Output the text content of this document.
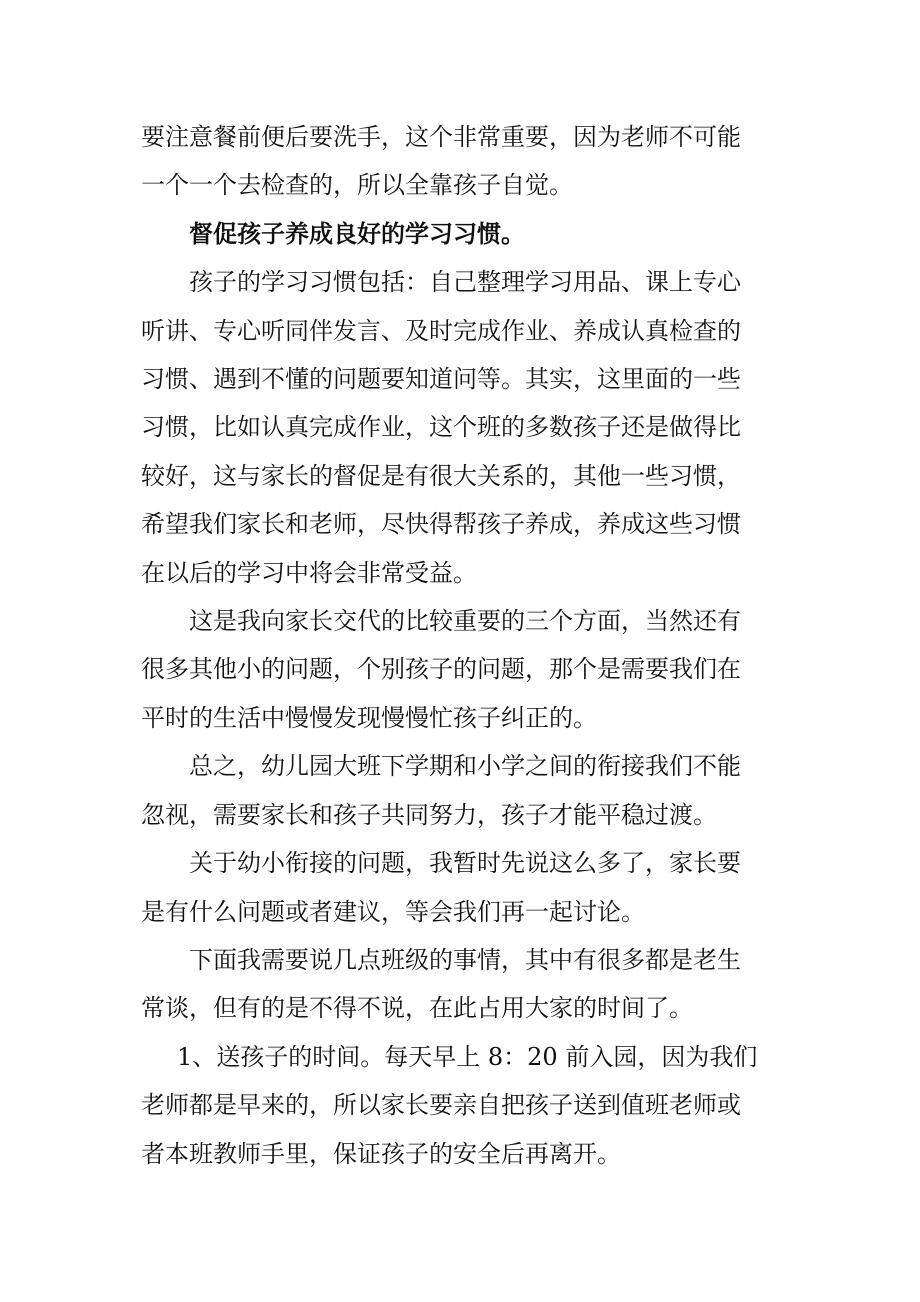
要注意餐前便后要洗手，这个非常重要，因为老师不可能一个一个去检查的，所以全靠孩子自觉。

督促孩子养成良好的学习习惯。

孩子的学习习惯包括：自己整理学习用品、课上专心听讲、专心听同伴发言、及时完成作业、养成认真检查的习惯、遇到不懂的问题要知道问等。其实，这里面的一些习惯，比如认真完成作业，这个班的多数孩子还是做得比较好，这与家长的督促是有很大关系的，其他一些习惯，希望我们家长和老师，尽快得帮孩子养成，养成这些习惯在以后的学习中将会非常受益。

这是我向家长交代的比较重要的三个方面，当然还有很多其他小的问题，个别孩子的问题，那个是需要我们在平时的生活中慢慢发现慢慢忙孩子纠正的。

总之，幼儿园大班下学期和小学之间的衔接我们不能忽视，需要家长和孩子共同努力，孩子才能平稳过渡。

关于幼小衔接的问题，我暂时先说这么多了，家长要是有什么问题或者建议，等会我们再一起讨论。

下面我需要说几点班级的事情，其中有很多都是老生常谈，但有的是不得不说，在此占用大家的时间了。

1、送孩子的时间。每天早上 8：20 前入园，因为我们老师都是早来的，所以家长要亲自把孩子送到值班老师或者本班教师手里，保证孩子的安全后再离开。
